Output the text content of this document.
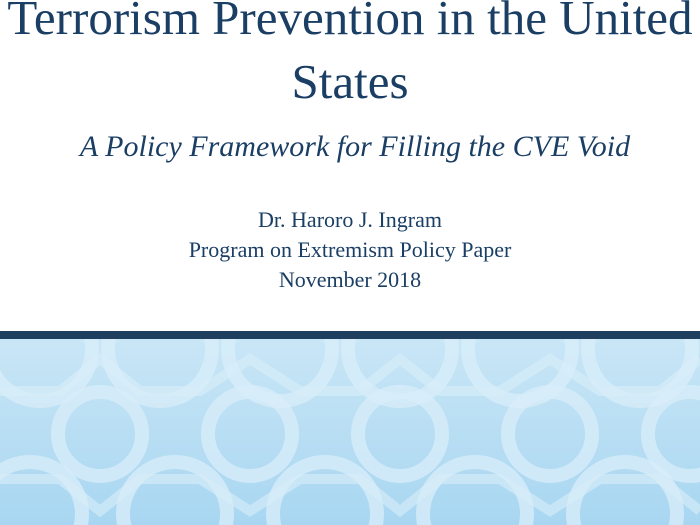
Terrorism Prevention in the United States
A Policy Framework for Filling the CVE Void
Dr. Haroro J. Ingram
Program on Extremism Policy Paper
November 2018
